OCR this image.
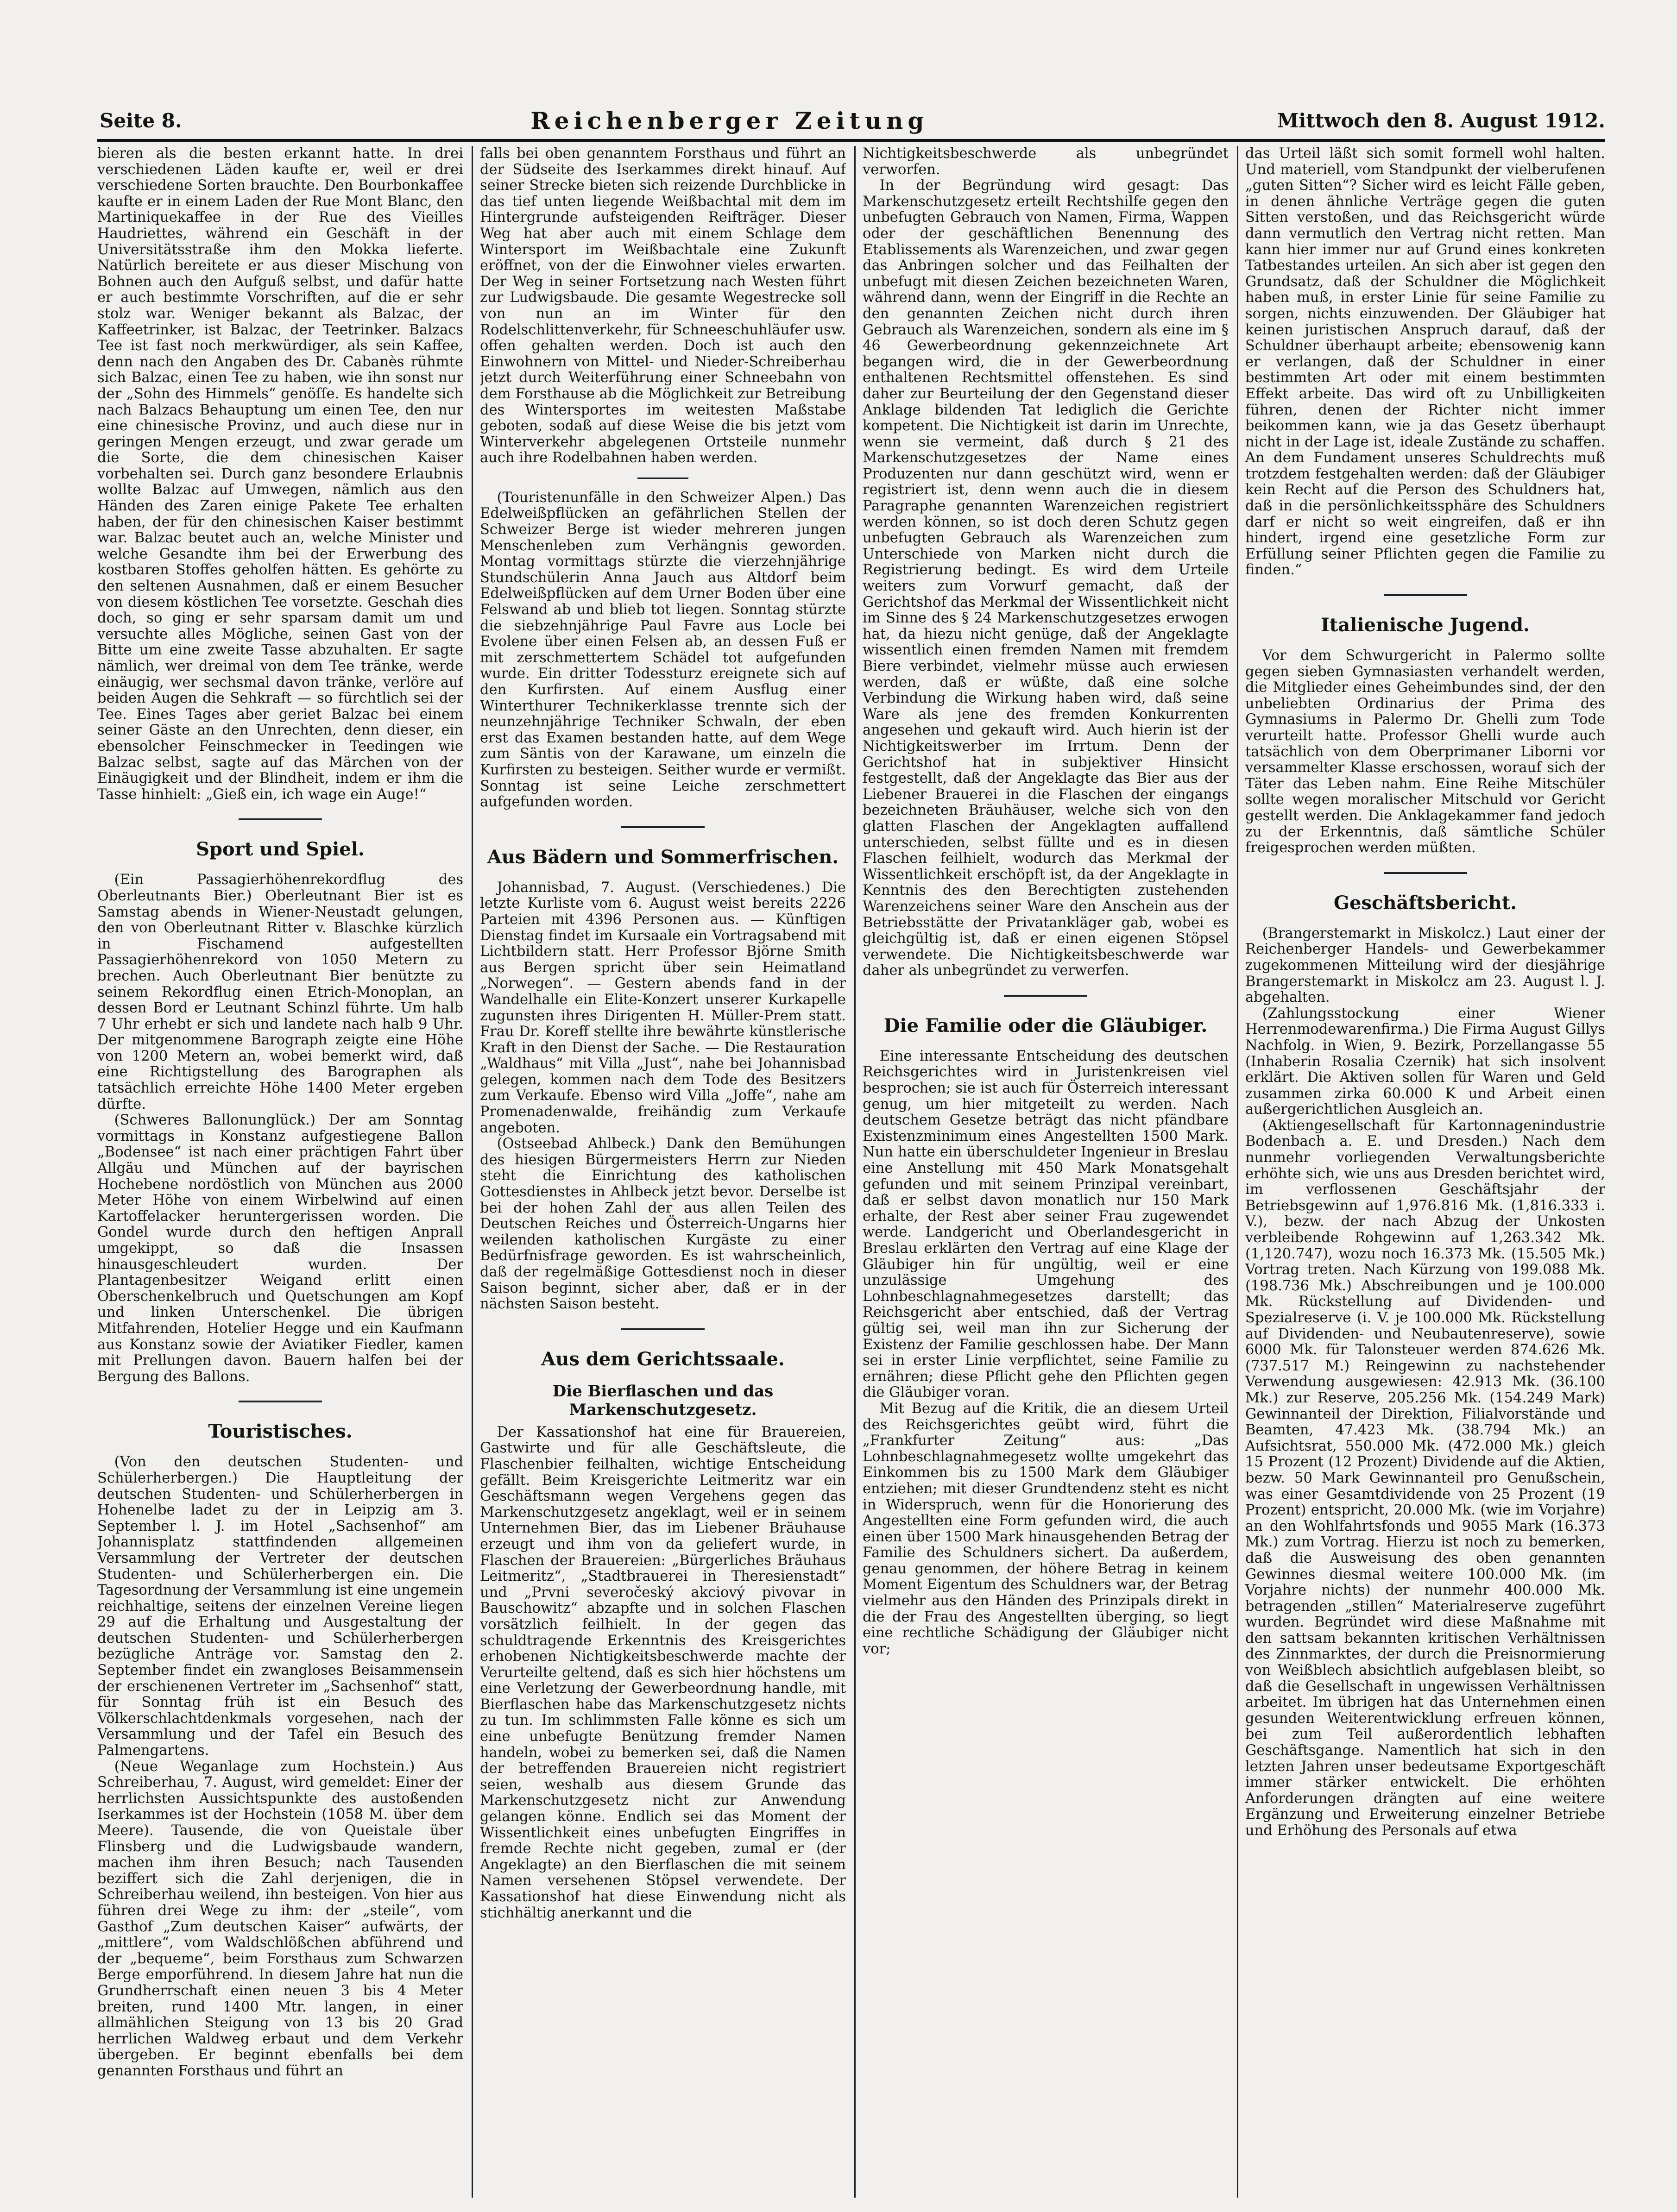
Seite 8.	Reichenberger Zeitung	Mittwoch den 8. August 1912.

bieren als die besten erkannt hatte. In drei verschiedenen Läden kaufte er, weil er drei verschiedene Sorten brauchte. Den Bourbonkaffee kaufte er in einem Laden der Rue Mont Blanc, den Martiniquekaffee in der Rue des Vieilles Haudriettes, während ein Geschäft in der Universitätsstraße ihm den Mokka lieferte. Natürlich bereitete er aus dieser Mischung von Bohnen auch den Aufguß selbst, und dafür hatte er auch bestimmte Vorschriften, auf die er sehr stolz war. Weniger bekannt als Balzac, der Kaffeetrinker, ist Balzac, der Teetrinker. Balzacs Tee ist fast noch merkwürdiger, als sein Kaffee, denn nach den Angaben des Dr. Cabanès rühmte sich Balzac, einen Tee zu haben, wie ihn sonst nur der „Sohn des Himmels“ genöſſe. Es handelte sich nach Balzacs Behauptung um einen Tee, den nur eine chinesische Provinz, und auch diese nur in geringen Mengen erzeugt, und zwar gerade um die Sorte, die dem chinesischen Kaiser vorbehalten sei. Durch ganz besondere Erlaubnis wollte Balzac auf Umwegen, nämlich aus den Händen des Zaren einige Pakete Tee erhalten haben, der für den chinesischen Kaiser bestimmt war. Balzac beutet auch an, welche Minister und welche Gesandte ihm bei der Erwerbung des kostbaren Stoffes geholfen hätten. Es gehörte zu den seltenen Ausnahmen, daß er einem Besucher von diesem köstlichen Tee vorsetzte. Geschah dies doch, so ging er sehr sparsam damit um und versuchte alles Mögliche, seinen Gast von der Bitte um eine zweite Tasse abzuhalten. Er sagte nämlich, wer dreimal von dem Tee tränke, werde einäugig, wer sechsmal davon tränke, verlöre auf beiden Augen die Sehkraft — so fürchtlich sei der Tee. Eines Tages aber geriet Balzac bei einem seiner Gäste an den Unrechten, denn dieser, ein ebensolcher Feinschmecker in Teedingen wie Balzac selbst, sagte auf das Märchen von der Einäugigkeit und der Blindheit, indem er ihm die Tasse hinhielt: „Gieß ein, ich wage ein Auge!“

Sport und Spiel.

(Ein Passagierhöhenrekordflug des Oberleutnants Bier.) Oberleutnant Bier ist es Samstag abends in Wiener-Neustadt gelungen, den von Oberleutnant Ritter v. Blaschke kürzlich in Fischamend aufgestellten Passagierhöhenrekord von 1050 Metern zu brechen. Auch Oberleutnant Bier benützte zu seinem Rekordflug einen Etrich-Monoplan, an dessen Bord er Leutnant Schinzl führte. Um halb 7 Uhr erhebt er sich und landete nach halb 9 Uhr. Der mitgenommene Barograph zeigte eine Höhe von 1200 Metern an, wobei bemerkt wird, daß eine Richtigstellung des Barographen als tatsächlich erreichte Höhe 1400 Meter ergeben dürfte.

(Schweres Ballonunglück.) Der am Sonntag vormittags in Konstanz aufgestiegene Ballon „Bodensee“ ist nach einer prächtigen Fahrt über Allgäu und München auf der bayrischen Hochebene nordöstlich von München aus 2000 Meter Höhe von einem Wirbelwind auf einen Kartoffelacker heruntergerissen worden. Die Gondel wurde durch den heftigen Anprall umgekippt, so daß die Insassen hinausgeschleudert wurden. Der Plantagenbesitzer Weigand erlitt einen Oberschenkelbruch und Quetschungen am Kopf und linken Unterschenkel. Die übrigen Mitfahrenden, Hotelier Hegge und ein Kaufmann aus Konstanz sowie der Aviatiker Fiedler, kamen mit Prellungen davon. Bauern halfen bei der Bergung des Ballons.

Touristisches.

(Von den deutschen Studenten- und Schülerherbergen.) Die Hauptleitung der deutschen Studenten- und Schülerherbergen in Hohenelbe ladet zu der in Leipzig am 3. September l. J. im Hotel „Sachsenhof“ am Johannisplatz stattfindenden allgemeinen Versammlung der Vertreter der deutschen Studenten- und Schülerherbergen ein. Die Tagesordnung der Versammlung ist eine ungemein reichhaltige, seitens der einzelnen Vereine liegen 29 auf die Erhaltung und Ausgestaltung der deutschen Studenten- und Schülerherbergen bezügliche Anträge vor. Samstag den 2. September findet ein zwangloses Beisammensein der erschienenen Vertreter im „Sachsenhof“ statt, für Sonntag früh ist ein Besuch des Völkerschlachtdenkmals vorgesehen, nach der Versammlung und der Tafel ein Besuch des Palmengartens.

(Neue Weganlage zum Hochstein.) Aus Schreiberhau, 7. August, wird gemeldet: Einer der herrlichsten Aussichtspunkte des austoßenden Iserkammes ist der Hochstein (1058 M. über dem Meere). Tausende, die von Queistale über Flinsberg und die Ludwigsbaude wandern, machen ihm ihren Besuch; nach Tausenden beziffert sich die Zahl derjenigen, die in Schreiberhau weilend, ihn besteigen. Von hier aus führen drei Wege zu ihm: der „steile“, vom Gasthof „Zum deutschen Kaiser“ aufwärts, der „mittlere“, vom Waldschlößchen abführend und der „bequeme“, beim Forsthaus zum Schwarzen Berge emporführend. In diesem Jahre hat nun die Grundherrschaft einen neuen 3 bis 4 Meter breiten, rund 1400 Mtr. langen, in einer allmählichen Steigung von 13 bis 20 Grad herrlichen Waldweg erbaut und dem Verkehr übergeben. Er beginnt ebenfalls bei dem genannten Forsthaus und führt an

falls bei oben genanntem Forsthaus und führt an der Südseite des Iserkammes direkt hinauf. Auf seiner Strecke bieten sich reizende Durchblicke in das tief unten liegende Weißbachtal mit dem im Hintergrunde aufsteigenden Reifträger. Dieser Weg hat aber auch mit einem Schlage dem Wintersport im Weißbachtale eine Zukunft eröffnet, von der die Einwohner vieles erwarten. Der Weg in seiner Fortsetzung nach Westen führt zur Ludwigsbaude. Die gesamte Wegestrecke soll von nun an im Winter für den Rodelschlittenverkehr, für Schneeschuhläufer usw. offen gehalten werden. Doch ist auch den Einwohnern von Mittel- und Nieder-Schreiberhau jetzt durch Weiterführung einer Schneebahn von dem Forsthause ab die Möglichkeit zur Betreibung des Wintersportes im weitesten Maßstabe geboten, sodaß auf diese Weise die bis jetzt vom Winterverkehr abgelegenen Ortsteile nunmehr auch ihre Rodelbahnen haben werden.

(Touristenunfälle in den Schweizer Alpen.) Das Edelweißpflücken an gefährlichen Stellen der Schweizer Berge ist wieder mehreren jungen Menschenleben zum Verhängnis geworden. Montag vormittags stürzte die vierzehnjährige Stundschülerin Anna Jauch aus Altdorf beim Edelweißpflücken auf dem Urner Boden über eine Felswand ab und blieb tot liegen. Sonntag stürzte die siebzehnjährige Paul Favre aus Locle bei Evolene über einen Felsen ab, an dessen Fuß er mit zerschmettertem Schädel tot aufgefunden wurde. Ein dritter Todessturz ereignete sich auf den Kurfirsten. Auf einem Ausflug einer Winterthurer Technikerklasse trennte sich der neunzehnjährige Techniker Schwaln, der eben erst das Examen bestanden hatte, auf dem Wege zum Säntis von der Karawane, um einzeln die Kurfirsten zu besteigen. Seither wurde er vermißt. Sonntag ist seine Leiche zerschmettert aufgefunden worden.

Aus Bädern und Sommerfrischen.

Johannisbad, 7. August. (Verschiedenes.) Die letzte Kurliste vom 6. August weist bereits 2226 Parteien mit 4396 Personen aus. — Künftigen Dienstag findet im Kursaale ein Vortragsabend mit Lichtbildern statt. Herr Professor Björne Smith aus Bergen spricht über sein Heimatland „Norwegen“. — Gestern abends fand in der Wandelhalle ein Elite-Konzert unserer Kurkapelle zugunsten ihres Dirigenten H. Müller-Prem statt. Frau Dr. Koreff stellte ihre bewährte künstlerische Kraft in den Dienst der Sache. — Die Restauration „Waldhaus“ mit Villa „Just“, nahe bei Johannisbad gelegen, kommen nach dem Tode des Besitzers zum Verkaufe. Ebenso wird Villa „Joffe“, nahe am Promenadenwalde, freihändig zum Verkaufe angeboten.

(Ostseebad Ahlbeck.) Dank den Bemühungen des hiesigen Bürgermeisters Herrn zur Nieden steht die Einrichtung des katholischen Gottesdienstes in Ahlbeck jetzt bevor. Derselbe ist bei der hohen Zahl der aus allen Teilen des Deutschen Reiches und Österreich-Ungarns hier weilenden katholischen Kurgäste zu einer Bedürfnisfrage geworden. Es ist wahrscheinlich, daß der regelmäßige Gottesdienst noch in dieser Saison beginnt, sicher aber, daß er in der nächsten Saison besteht.

Aus dem Gerichtssaale.
Die Bierflaschen und das Markenschutzgesetz.

Der Kassationshof hat eine für Brauereien, Gastwirte und für alle Geschäftsleute, die Flaschenbier feilhalten, wichtige Entscheidung gefällt. Beim Kreisgerichte Leitmeritz war ein Geschäftsmann wegen Vergehens gegen das Markenschutzgesetz angeklagt, weil er in seinem Unternehmen Bier, das im Liebener Bräuhause erzeugt und ihm von da geliefert wurde, in Flaschen der Brauereien: „Bürgerliches Bräuhaus Leitmeritz“, „Stadtbrauerei in Theresienstadt“ und „Prvni severočeský akciový pivovar in Bauschowitz“ abzapfte und in solchen Flaschen vorsätzlich feilhielt. In der gegen das schuldtragende Erkenntnis des Kreisgerichtes erhobenen Nichtigkeitsbeschwerde machte der Verurteilte geltend, daß es sich hier höchstens um eine Verletzung der Gewerbeordnung handle, mit Bierflaschen habe das Markenschutzgesetz nichts zu tun. Im schlimmsten Falle könne es sich um eine unbefugte Benützung fremder Namen handeln, wobei zu bemerken sei, daß die Namen der betreffenden Brauereien nicht registriert seien, weshalb aus diesem Grunde das Markenschutzgesetz nicht zur Anwendung gelangen könne. Endlich sei das Moment der Wissentlichkeit eines unbefugten Eingriffes in fremde Rechte nicht gegeben, zumal er (der Angeklagte) an den Bierflaschen die mit seinem Namen versehenen Stöpsel verwendete. Der Kassationshof hat diese Einwendung nicht als stichhältig anerkannt und die

Nichtigkeitsbeschwerde als unbegründet verworfen.

In der Begründung wird gesagt: Das Markenschutzgesetz erteilt Rechtshilfe gegen den unbefugten Gebrauch von Namen, Firma, Wappen oder der geschäftlichen Benennung des Etablissements als Warenzeichen, und zwar gegen das Anbringen solcher und das Feilhalten der unbefugt mit diesen Zeichen bezeichneten Waren, während dann, wenn der Eingriff in die Rechte an den genannten Zeichen nicht durch ihren Gebrauch als Warenzeichen, sondern als eine im § 46 Gewerbeordnung gekennzeichnete Art begangen wird, die in der Gewerbeordnung enthaltenen Rechtsmittel offenstehen. Es sind daher zur Beurteilung der den Gegenstand dieser Anklage bildenden Tat lediglich die Gerichte kompetent. Die Nichtigkeit ist darin im Unrechte, wenn sie vermeint, daß durch § 21 des Markenschutzgesetzes der Name eines Produzenten nur dann geschützt wird, wenn er registriert ist, denn wenn auch die in diesem Paragraphe genannten Warenzeichen registriert werden können, so ist doch deren Schutz gegen unbefugten Gebrauch als Warenzeichen zum Unterschiede von Marken nicht durch die Registrierung bedingt. Es wird dem Urteile weiters zum Vorwurf gemacht, daß der Gerichtshof das Merkmal der Wissentlichkeit nicht im Sinne des § 24 Markenschutzgesetzes erwogen hat, da hiezu nicht genüge, daß der Angeklagte wissentlich einen fremden Namen mit fremdem Biere verbindet, vielmehr müsse auch erwiesen werden, daß er wüßte, daß eine solche Verbindung die Wirkung haben wird, daß seine Ware als jene des fremden Konkurrenten angesehen und gekauft wird. Auch hierin ist der Nichtigkeitswerber im Irrtum. Denn der Gerichtshof hat in subjektiver Hinsicht festgestellt, daß der Angeklagte das Bier aus der Liebener Brauerei in die Flaschen der eingangs bezeichneten Bräuhäuser, welche sich von den glatten Flaschen der Angeklagten auffallend unterschieden, selbst füllte und es in diesen Flaschen feilhielt, wodurch das Merkmal der Wissentlichkeit erschöpft ist, da der Angeklagte in Kenntnis des den Berechtigten zustehenden Warenzeichens seiner Ware den Anschein aus der Betriebsstätte der Privatankläger gab, wobei es gleichgültig ist, daß er einen eigenen Stöpsel verwendete. Die Nichtigkeitsbeschwerde war daher als unbegründet zu verwerfen.

Die Familie oder die Gläubiger.

Eine interessante Entscheidung des deutschen Reichsgerichtes wird in Juristenkreisen viel besprochen; sie ist auch für Österreich interessant genug, um hier mitgeteilt zu werden. Nach deutschem Gesetze beträgt das nicht pfändbare Existenzminimum eines Angestellten 1500 Mark. Nun hatte ein überschuldeter Ingenieur in Breslau eine Anstellung mit 450 Mark Monatsgehalt gefunden und mit seinem Prinzipal vereinbart, daß er selbst davon monatlich nur 150 Mark erhalte, der Rest aber seiner Frau zugewendet werde. Landgericht und Oberlandesgericht in Breslau erklärten den Vertrag auf eine Klage der Gläubiger hin für ungültig, weil er eine unzulässige Umgehung des Lohnbeschlagnahmegesetzes darstellt; das Reichsgericht aber entschied, daß der Vertrag gültig sei, weil man ihn zur Sicherung der Existenz der Familie geschlossen habe. Der Mann sei in erster Linie verpflichtet, seine Familie zu ernähren; diese Pflicht gehe den Pflichten gegen die Gläubiger voran.

Mit Bezug auf die Kritik, die an diesem Urteil des Reichsgerichtes geübt wird, führt die „Frankfurter Zeitung“ aus: „Das Lohnbeschlagnahmegesetz wollte umgekehrt das Einkommen bis zu 1500 Mark dem Gläubiger entziehen; mit dieser Grundtendenz steht es nicht in Widerspruch, wenn für die Honorierung des Angestellten eine Form gefunden wird, die auch einen über 1500 Mark hinausgehenden Betrag der Familie des Schuldners sichert. Da außerdem, genau genommen, der höhere Betrag in keinem Moment Eigentum des Schuldners war, der Betrag vielmehr aus den Händen des Prinzipals direkt in die der Frau des Angestellten überging, so liegt eine rechtliche Schädigung der Gläubiger nicht vor;

das Urteil läßt sich somit formell wohl halten. Und materiell, vom Standpunkt der vielberufenen „guten Sitten“? Sicher wird es leicht Fälle geben, in denen ähnliche Verträge gegen die guten Sitten verstoßen, und das Reichsgericht würde dann vermutlich den Vertrag nicht retten. Man kann hier immer nur auf Grund eines konkreten Tatbestandes urteilen. An sich aber ist gegen den Grundsatz, daß der Schuldner die Möglichkeit haben muß, in erster Linie für seine Familie zu sorgen, nichts einzuwenden. Der Gläubiger hat keinen juristischen Anspruch darauf, daß der Schuldner überhaupt arbeite; ebensowenig kann er verlangen, daß der Schuldner in einer bestimmten Art oder mit einem bestimmten Effekt arbeite. Das wird oft zu Unbilligkeiten führen, denen der Richter nicht immer beikommen kann, wie ja das Gesetz überhaupt nicht in der Lage ist, ideale Zustände zu schaffen. An dem Fundament unseres Schuldrechts muß trotzdem festgehalten werden: daß der Gläubiger kein Recht auf die Person des Schuldners hat, daß in die persönlichkeitssphäre des Schuldners darf er nicht so weit eingreifen, daß er ihn hindert, irgend eine gesetzliche Form zur Erfüllung seiner Pflichten gegen die Familie zu finden.“

Italienische Jugend.

Vor dem Schwurgericht in Palermo sollte gegen sieben Gymnasiasten verhandelt werden, die Mitglieder eines Geheimbundes sind, der den unbeliebten Ordinarius der Prima des Gymnasiums in Palermo Dr. Ghelli zum Tode verurteilt hatte. Professor Ghelli wurde auch tatsächlich von dem Oberprimaner Liborni vor versammelter Klasse erschossen, worauf sich der Täter das Leben nahm. Eine Reihe Mitschüler sollte wegen moralischer Mitschuld vor Gericht gestellt werden. Die Anklagekammer fand jedoch zu der Erkenntnis, daß sämtliche Schüler freigesprochen werden müßten.

Geschäftsbericht.

(Brangerstemarkt in Miskolcz.) Laut einer der Reichenberger Handels- und Gewerbekammer zugekommenen Mitteilung wird der diesjährige Brangerstemarkt in Miskolcz am 23. August l. J. abgehalten.

(Zahlungsstockung einer Wiener Herrenmodewarenfirma.) Die Firma August Gillys Nachfolg. in Wien, 9. Bezirk, Porzellangasse 55 (Inhaberin Rosalia Czernik) hat sich insolvent erklärt. Die Aktiven sollen für Waren und Geld zusammen zirka 60.000 K und Arbeit einen außergerichtlichen Ausgleich an.

(Aktiengesellschaft für Kartonnagenindustrie Bodenbach a. E. und Dresden.) Nach dem nunmehr vorliegenden Verwaltungsberichte erhöhte sich, wie uns aus Dresden berichtet wird, im verflossenen Geschäftsjahr der Betriebsgewinn auf 1,976.816 Mk. (1,816.333 i. V.), bezw. der nach Abzug der Unkosten verbleibende Rohgewinn auf 1,263.342 Mk. (1,120.747), wozu noch 16.373 Mk. (15.505 Mk.) Vortrag treten. Nach Kürzung von 199.088 Mk. (198.736 Mk.) Abschreibungen und je 100.000 Mk. Rückstellung auf Dividenden- und Spezialreserve (i. V. je 100.000 Mk. Rückstellung auf Dividenden- und Neubautenreserve), sowie 6000 Mk. für Talonsteuer werden 874.626 Mk. (737.517 M.) Reingewinn zu nachstehender Verwendung ausgewiesen: 42.913 Mk. (36.100 Mk.) zur Reserve, 205.256 Mk. (154.249 Mark) Gewinnanteil der Direktion, Filialvorstände und Beamten, 47.423 Mk. (38.794 Mk.) an Aufsichtsrat, 550.000 Mk. (472.000 Mk.) gleich 15 Prozent (12 Prozent) Dividende auf die Aktien, bezw. 50 Mark Gewinnanteil pro Genußschein, was einer Gesamtdividende von 25 Prozent (19 Prozent) entspricht, 20.000 Mk. (wie im Vorjahre) an den Wohlfahrtsfonds und 9055 Mark (16.373 Mk.) zum Vortrag. Hierzu ist noch zu bemerken, daß die Ausweisung des oben genannten Gewinnes diesmal weitere 100.000 Mk. (im Vorjahre nichts) der nunmehr 400.000 Mk. betragenden „stillen“ Materialreserve zugeführt wurden. Begründet wird diese Maßnahme mit den sattsam bekannten kritischen Verhältnissen des Zinnmarktes, der durch die Preisnormierung von Weißblech absichtlich aufgeblasen bleibt, so daß die Gesellschaft in ungewissen Verhältnissen arbeitet. Im übrigen hat das Unternehmen einen gesunden Weiterentwicklung erfreuen können, bei zum Teil außerordentlich lebhaften Geschäftsgange. Namentlich hat sich in den letzten Jahren unser bedeutsame Exportgeschäft immer stärker entwickelt. Die erhöhten Anforderungen drängten auf eine weitere Ergänzung und Erweiterung einzelner Betriebe und Erhöhung des Personals auf etwa
